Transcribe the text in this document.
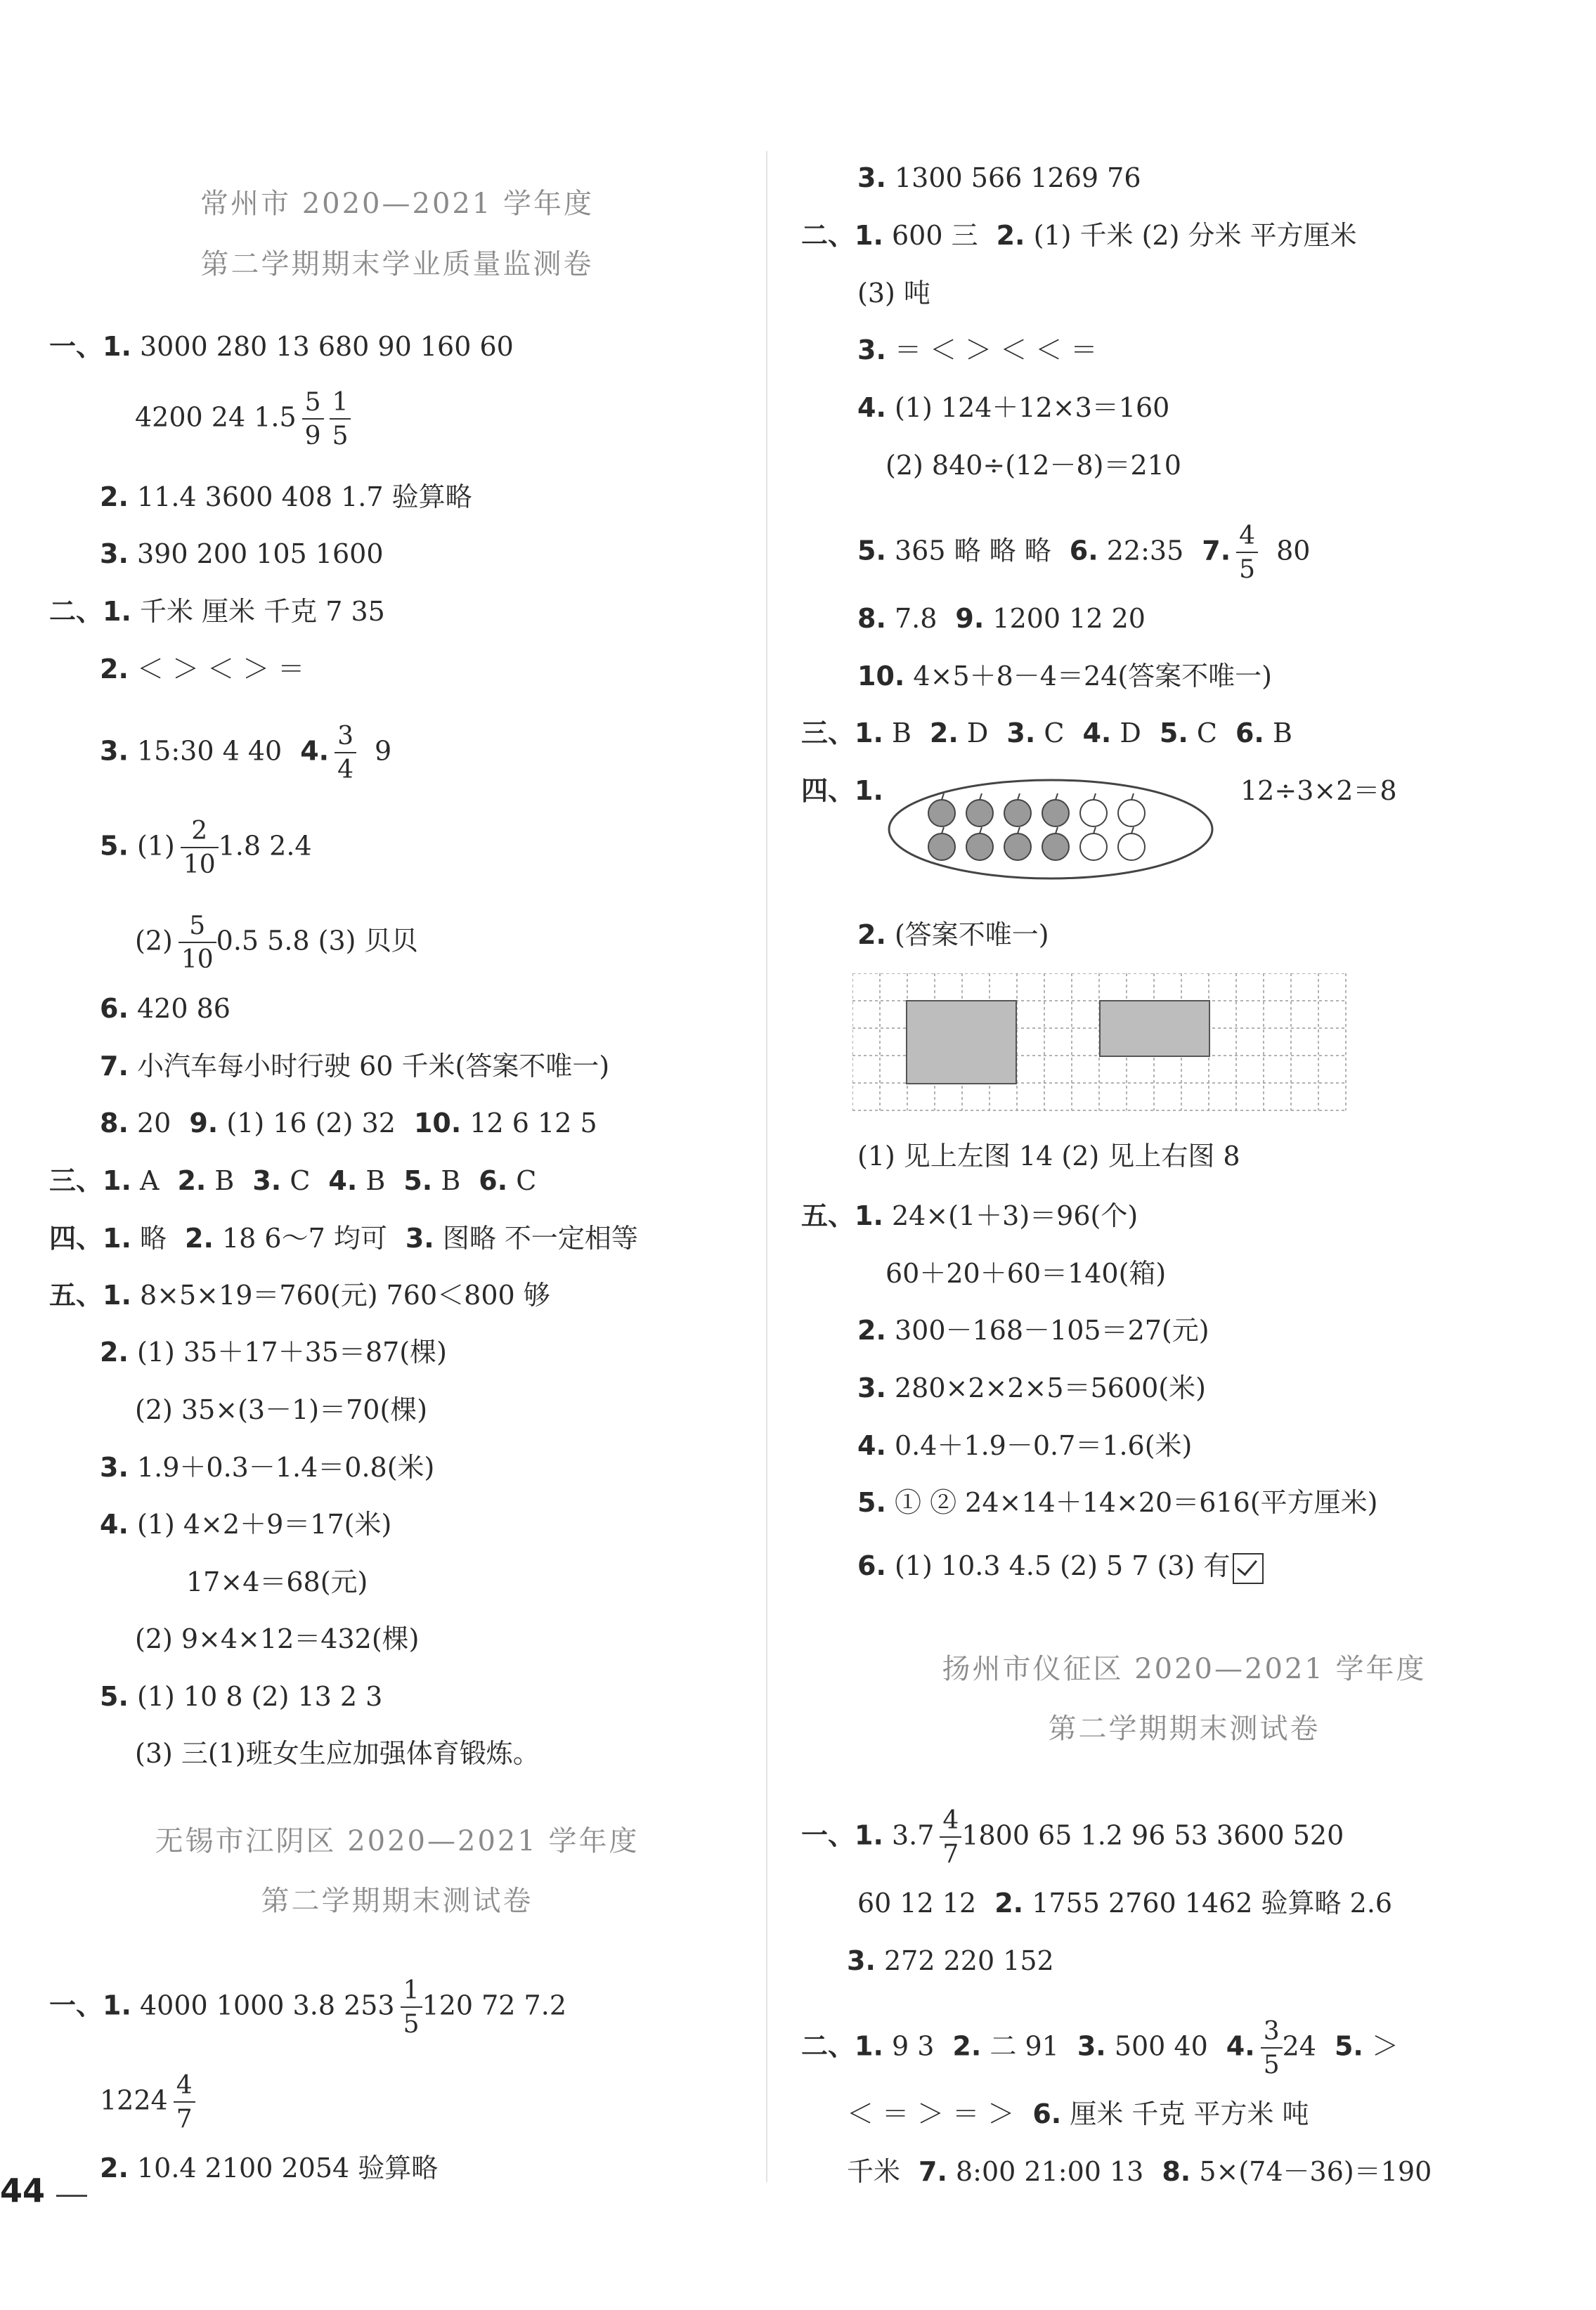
常州市 2020—2021 学年度
第二学期期末学业质量监测卷
一、1. 3000 280 13 680 90 160 60
4200 24 $1.5 \frac{5}{9} \frac{1}{5}$
2. 11.4 3600 408 1.7 验算略
3. 390 200 105 1600
二、1. 千米 厘米 千克 7 35
2. ＜ ＞ ＜ ＞ ＝
3. 15:30 4 40 4. $\frac{3}{4} 9$
5. $(1) \frac{2}{10} 1.8$ 2.4
$(2) \frac{5}{10} 0.5$ 5.8 (3) 贝贝
6. 420 86
7. 小汽车每小时行驶 60 千米(答案不唯一)
8. 20 9. (1) 16 (2) 32 10. 12 6 12 5
三、1. A 2. B 3. C 4. B 5. B 6. C
四、1. 略 2. 18 6～7 均可 3. 图略 不一定相等
五、1. 8×5×19＝760(元) 760＜800 够
2. (1) 35＋17＋35＝87(棵)
(2) 35×(3－1)＝70(棵)
3. 1.9＋0.3－1.4＝0.8(米)
4. (1) 4×2＋9＝17(米)
17×4＝68(元)
(2) 9×4×12＝432(棵)
5. (1) 10 8 (2) 13 2 3
(3) 三(1)班女生应加强体育锻炼。
无锡市江阴区 2020—2021 学年度
第二学期期末测试卷
一、1. 4000 1000 3.8 $253 \frac{1}{5} 120$ 72 7.2
$1224 \frac{4}{7}$
2. 10.4 2100 2054 验算略
44
3. 1300 566 1269 76
二、1. 600 三 2. (1) 千米 (2) 分米 平方厘米
(3) 吨
3. ＝ ＜ ＞ ＜ ＜ ＝
4. (1) 124＋12×3＝160
(2) 840÷(12－8)＝210
5. 365 略 略 略 6. 22:35 7. $\frac{4}{5} 80$
8. 7.8 9. 1200 12 20
10. 4×5＋8－4＝24(答案不唯一)
三、1. B 2. D 3. C 4. D 5. C 6. B
四、1.	12÷3×2＝8
2. (答案不唯一)
(1) 见上左图 14 (2) 见上右图 8
五、1. 24×(1＋3)＝96(个)
60＋20＋60＝140(箱)
2. 300－168－105＝27(元)
3. 280×2×2×5＝5600(米)
4. 0.4＋1.9－0.7＝1.6(米)
5. ① ② 24×14＋14×20＝616(平方厘米)
6. (1) 10.3 4.5 (2) 5 7 (3) 有
扬州市仪征区 2020—2021 学年度
第二学期期末测试卷
一、1. $3.7 \frac{4}{7} 1800$ 65 1.2 96 53 3600 520
60 12 12 2. 1755 2760 1462 验算略 2.6
3. 272 220 152
二、1. 9 3 2. 二 91 3. 500 40 4. $\frac{3}{5} 24$ 5. ＞
＜ ＝ ＞ ＝ ＞ 6. 厘米 千克 平方米 吨
千米 7. 8:00 21:00 13 8. 5×(74－36)＝190
